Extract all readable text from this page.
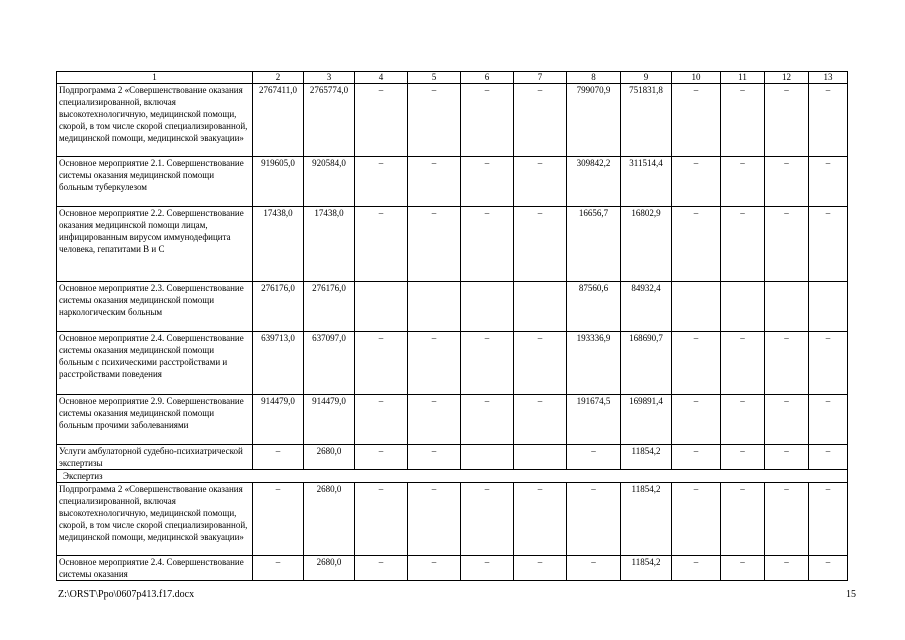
1	2	3	4	5	6	7	8	9	10	11	12	13
Подпрограмма 2 «Совершенствование оказания специализированной, включая высокотехнологичную, медицинской помощи, скорой, в том числе скорой специализированной, медицинской помощи, медицинской эвакуации»	2767411,0	2765774,0	–	–	–	–	799070,9	751831,8	–	–	–	–
Основное мероприятие 2.1. Совершенствование системы оказания медицинской помощи больным туберкулезом	919605,0	920584,0	–	–	–	–	309842,2	311514,4	–	–	–	–
Основное мероприятие 2.2. Совершенствование оказания медицинской помощи лицам, инфицированным вирусом иммунодефицита человека, гепатитами В и С	17438,0	17438,0	–	–	–	–	16656,7	16802,9	–	–	–	–
Основное мероприятие 2.3. Совершенствование системы оказания медицинской помощи наркологическим больным	276176,0	276176,0					87560,6	84932,4				
Основное мероприятие 2.4. Совершенствование системы оказания медицинской помощи больным с психическими расстройствами и расстройствами поведения	639713,0	637097,0	–	–	–	–	193336,9	168690,7	–	–	–	–
Основное мероприятие 2.9. Совершенствование системы оказания медицинской помощи больным прочими заболеваниями	914479,0	914479,0	–	–	–	–	191674,5	169891,4	–	–	–	–
Услуги амбулаторной судебно-психиатрической экспертизы	–	2680,0	–	–			–	11854,2	–	–	–	–
Экспертиз												
Подпрограмма 2 «Совершенствование оказания специализированной, включая высокотехнологичную, медицинской помощи, скорой, в том числе скорой специализированной, медицинской помощи, медицинской эвакуации»	–	2680,0	–	–	–	–	–	11854,2	–	–	–	–
Основное мероприятие 2.4. Совершенствование системы оказания	–	2680,0	–	–	–	–	–	11854,2	–	–	–	–
Z:\ORST\Ppo\0607p413.f17.docx	15
